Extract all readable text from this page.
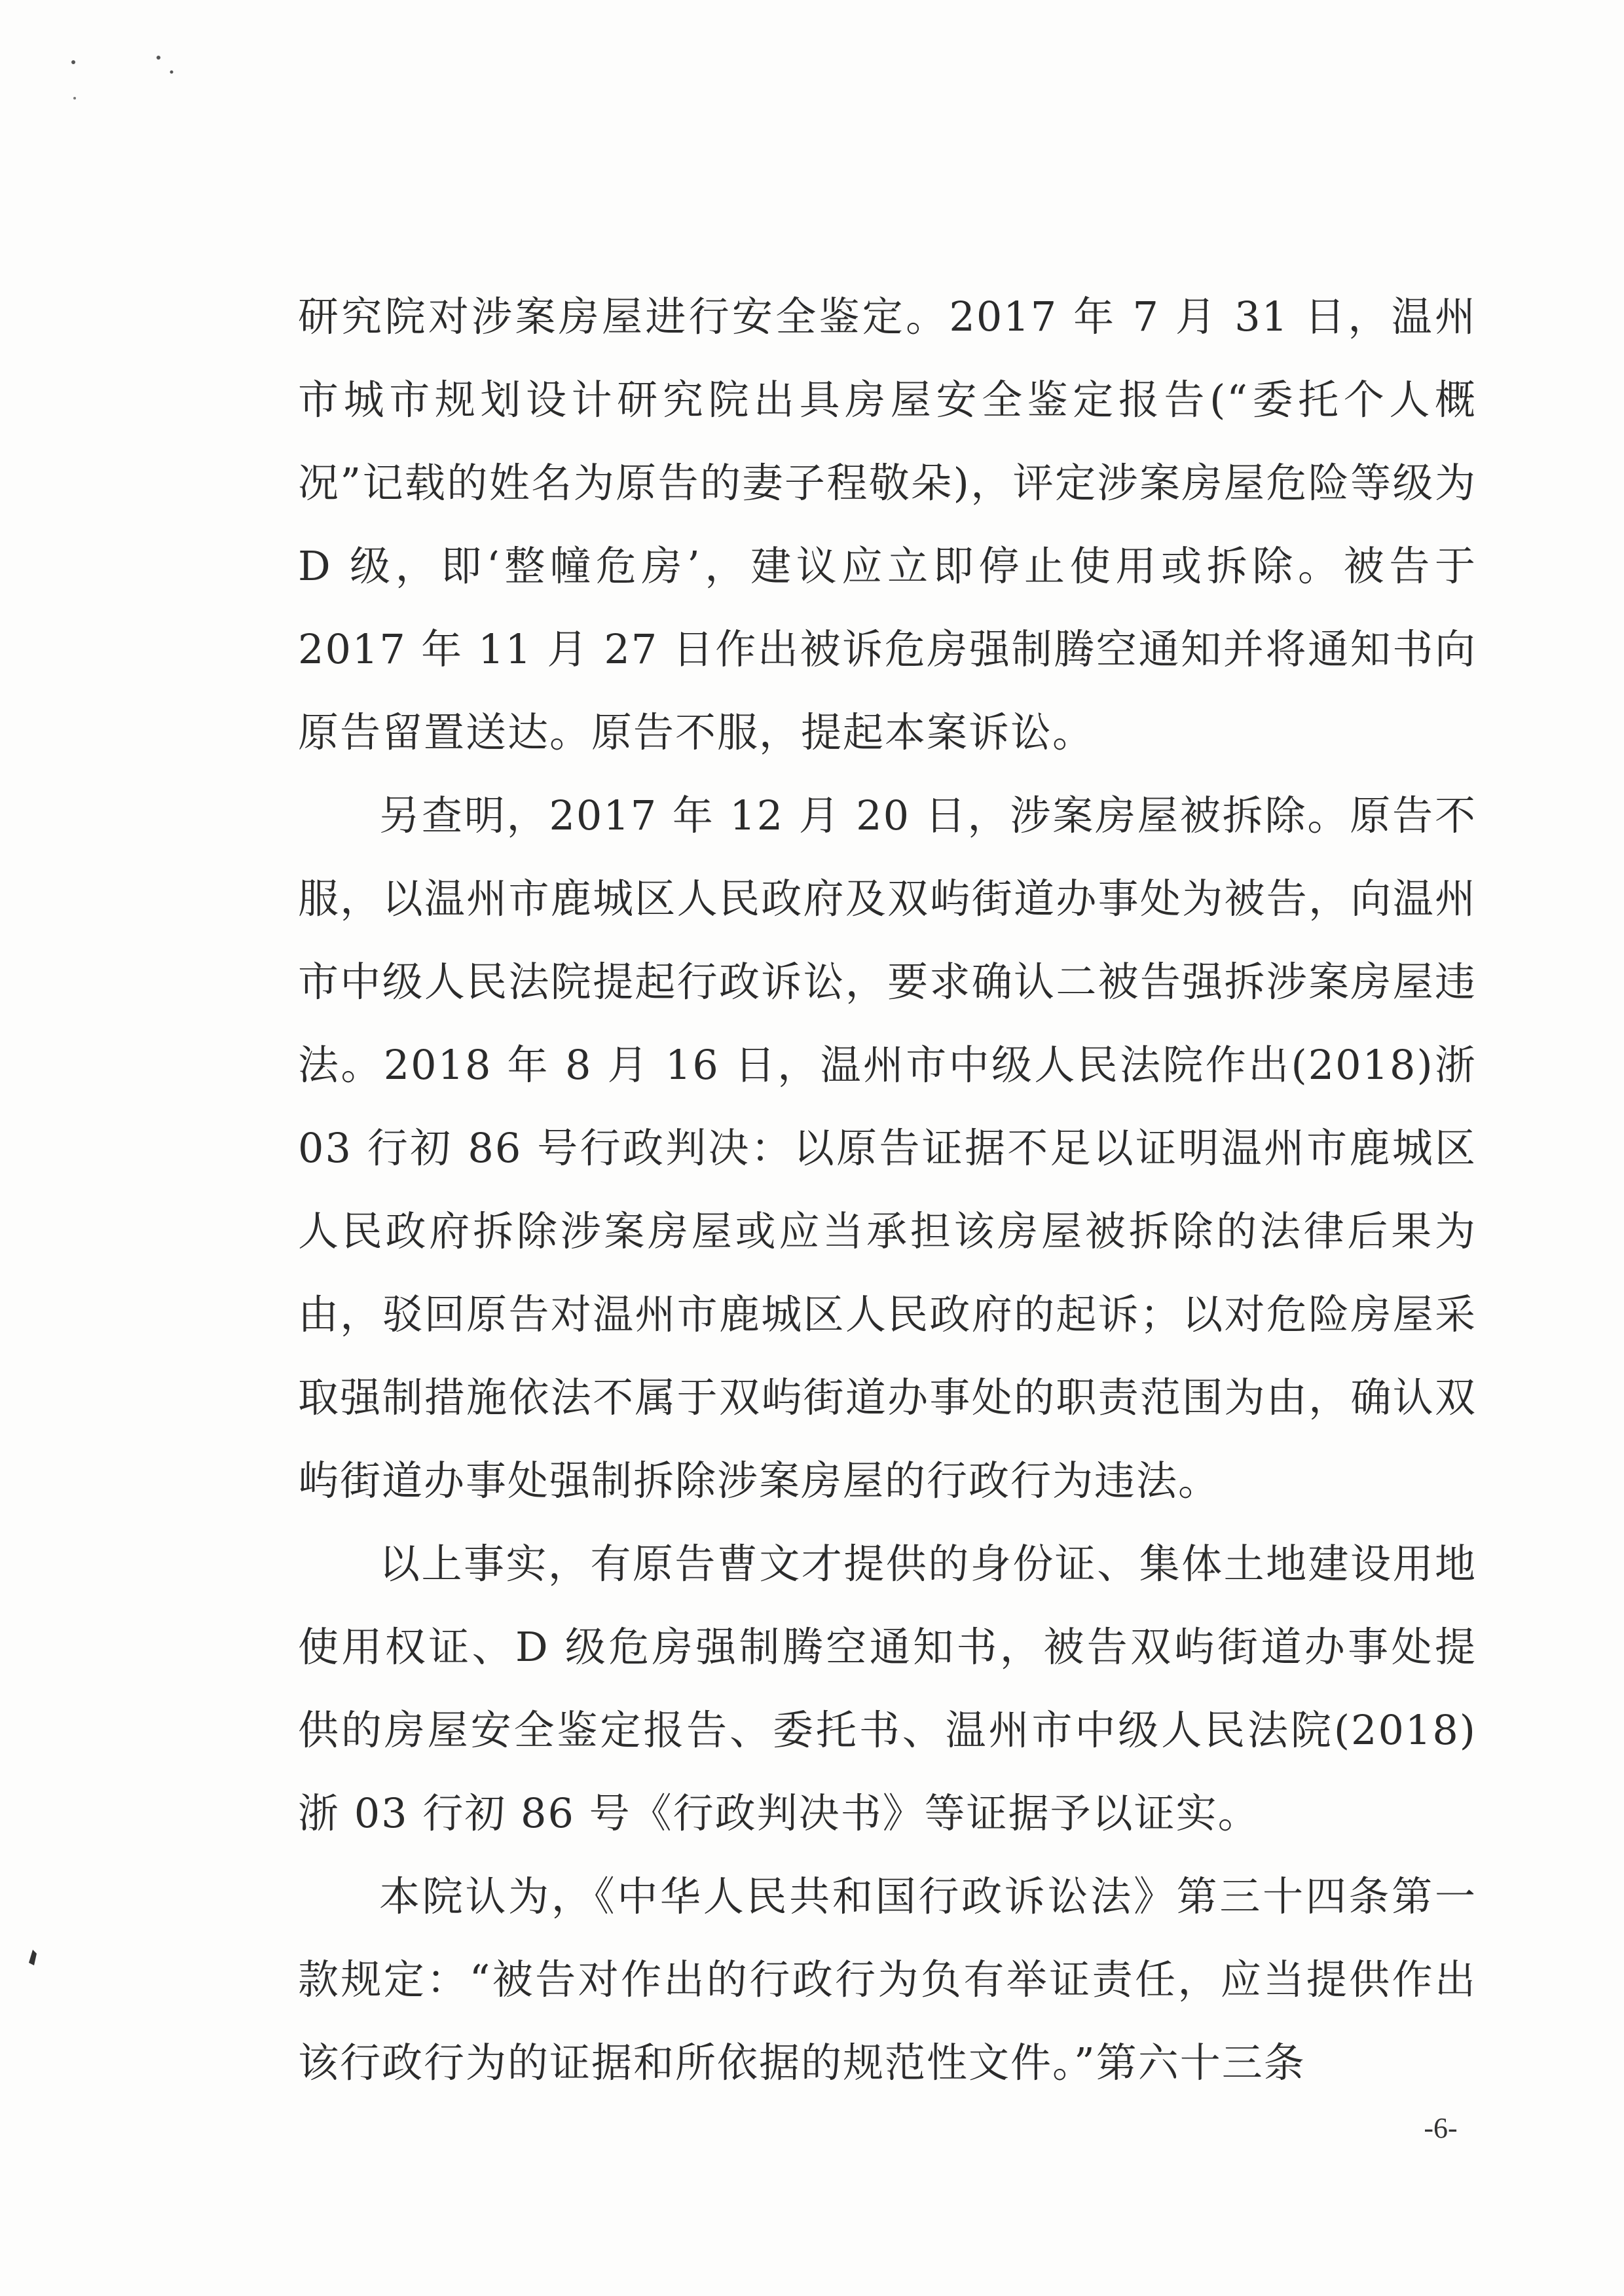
研究院对涉案房屋进行安全鉴定。2017 年 7 月 31 日，温州市城市规划设计研究院出具房屋安全鉴定报告(“委托个人概况”记载的姓名为原告的妻子程敬朵)，评定涉案房屋危险等级为 D 级，即‘整幢危房’，建议应立即停止使用或拆除。被告于 2017 年 11 月 27 日作出被诉危房强制腾空通知并将通知书向原告留置送达。原告不服，提起本案诉讼。

另查明，2017 年 12 月 20 日，涉案房屋被拆除。原告不服，以温州市鹿城区人民政府及双屿街道办事处为被告，向温州市中级人民法院提起行政诉讼，要求确认二被告强拆涉案房屋违法。2018 年 8 月 16 日，温州市中级人民法院作出(2018)浙 03 行初 86 号行政判决：以原告证据不足以证明温州市鹿城区人民政府拆除涉案房屋或应当承担该房屋被拆除的法律后果为由，驳回原告对温州市鹿城区人民政府的起诉；以对危险房屋采取强制措施依法不属于双屿街道办事处的职责范围为由，确认双屿街道办事处强制拆除涉案房屋的行政行为违法。

以上事实，有原告曹文才提供的身份证、集体土地建设用地使用权证、D 级危房强制腾空通知书，被告双屿街道办事处提供的房屋安全鉴定报告、委托书、温州市中级人民法院(2018)浙 03 行初 86 号《行政判决书》等证据予以证实。

本院认为，《中华人民共和国行政诉讼法》第三十四条第一款规定：“被告对作出的行政行为负有举证责任，应当提供作出该行政行为的证据和所依据的规范性文件。”第六十三条

-6-
